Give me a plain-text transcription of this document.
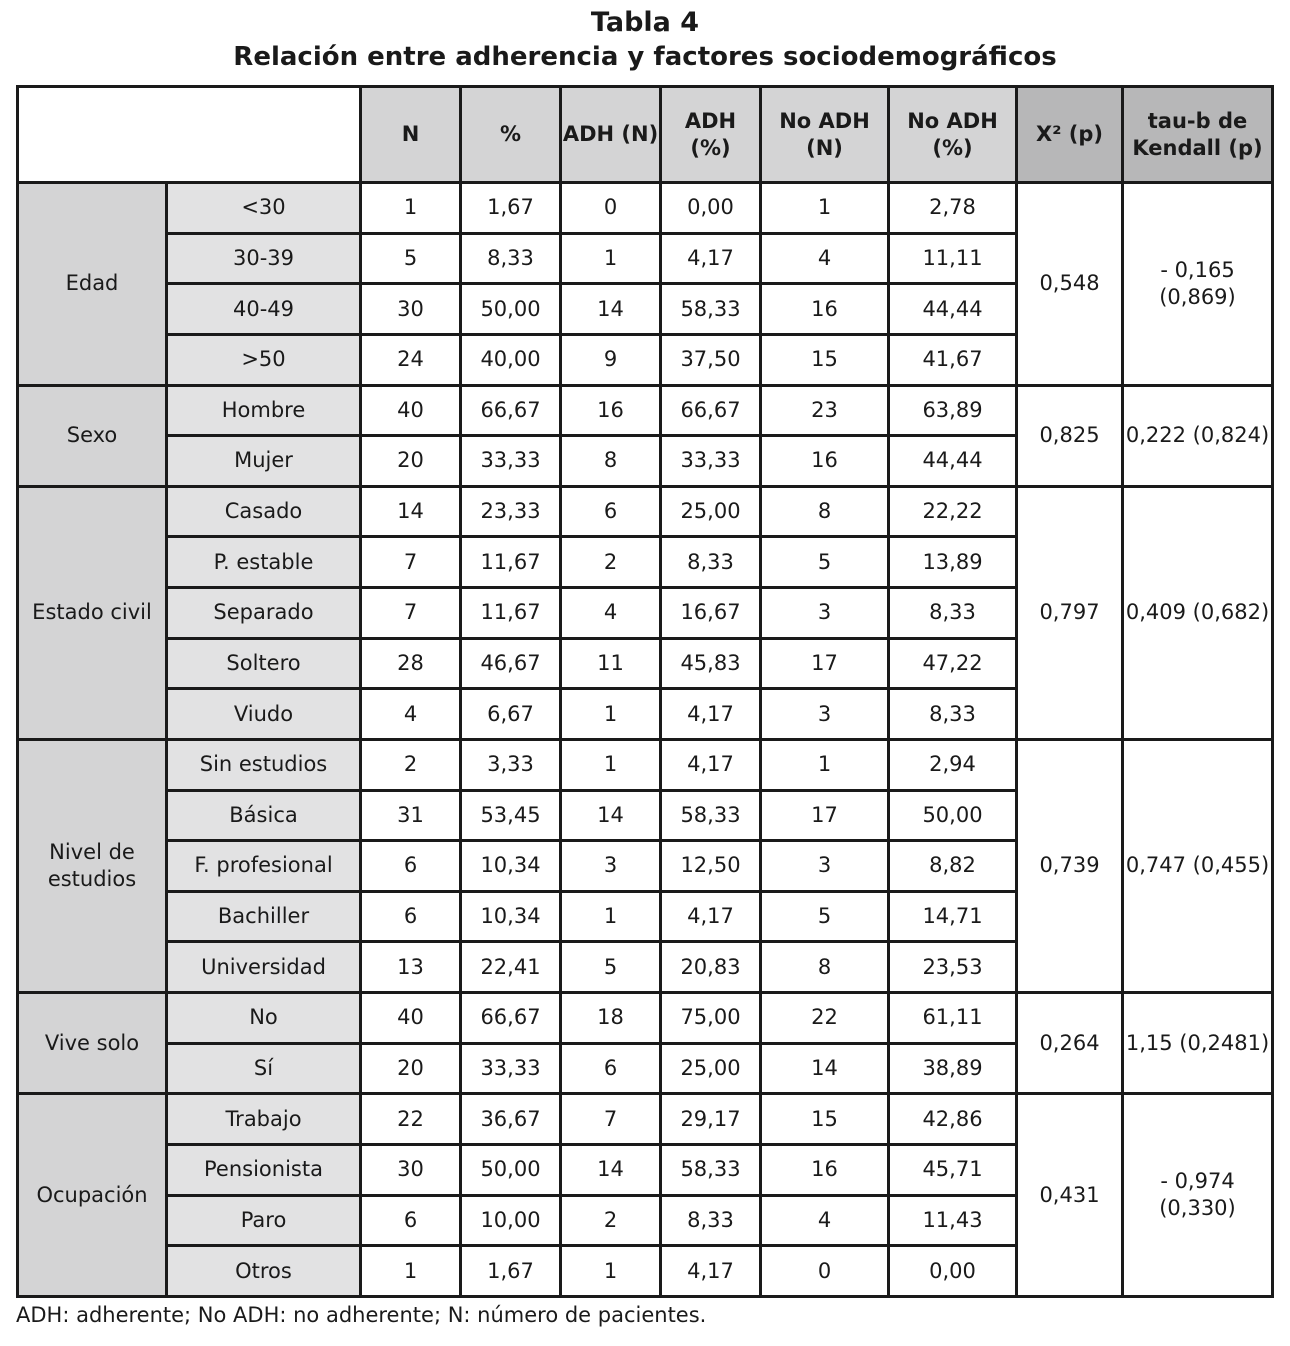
Tabla 4
Relación entre adherencia y factores sociodemográficos
		N	%	ADH (N)	ADH (%)	No ADH (N)	No ADH (%)	X² (p)	tau-b de Kendall (p)
Edad	<30	1	1,67	0	0,00	1	2,78	0,548	- 0,165 (0,869)
	30-39	5	8,33	1	4,17	4	11,11		
	40-49	30	50,00	14	58,33	16	44,44		
	>50	24	40,00	9	37,50	15	41,67		
Sexo	Hombre	40	66,67	16	66,67	23	63,89	0,825	0,222 (0,824)
	Mujer	20	33,33	8	33,33	16	44,44		
Estado civil	Casado	14	23,33	6	25,00	8	22,22	0,797	0,409 (0,682)
	P. estable	7	11,67	2	8,33	5	13,89		
	Separado	7	11,67	4	16,67	3	8,33		
	Soltero	28	46,67	11	45,83	17	47,22		
	Viudo	4	6,67	1	4,17	3	8,33		
Nivel de estudios	Sin estudios	2	3,33	1	4,17	1	2,94	0,739	0,747 (0,455)
	Básica	31	53,45	14	58,33	17	50,00		
	F. profesional	6	10,34	3	12,50	3	8,82		
	Bachiller	6	10,34	1	4,17	5	14,71		
	Universidad	13	22,41	5	20,83	8	23,53		
Vive solo	No	40	66,67	18	75,00	22	61,11	0,264	1,15 (0,2481)
	Sí	20	33,33	6	25,00	14	38,89		
Ocupación	Trabajo	22	36,67	7	29,17	15	42,86	0,431	- 0,974 (0,330)
	Pensionista	30	50,00	14	58,33	16	45,71		
	Paro	6	10,00	2	8,33	4	11,43		
	Otros	1	1,67	1	4,17	0	0,00		
ADH: adherente; No ADH: no adherente; N: número de pacientes.
